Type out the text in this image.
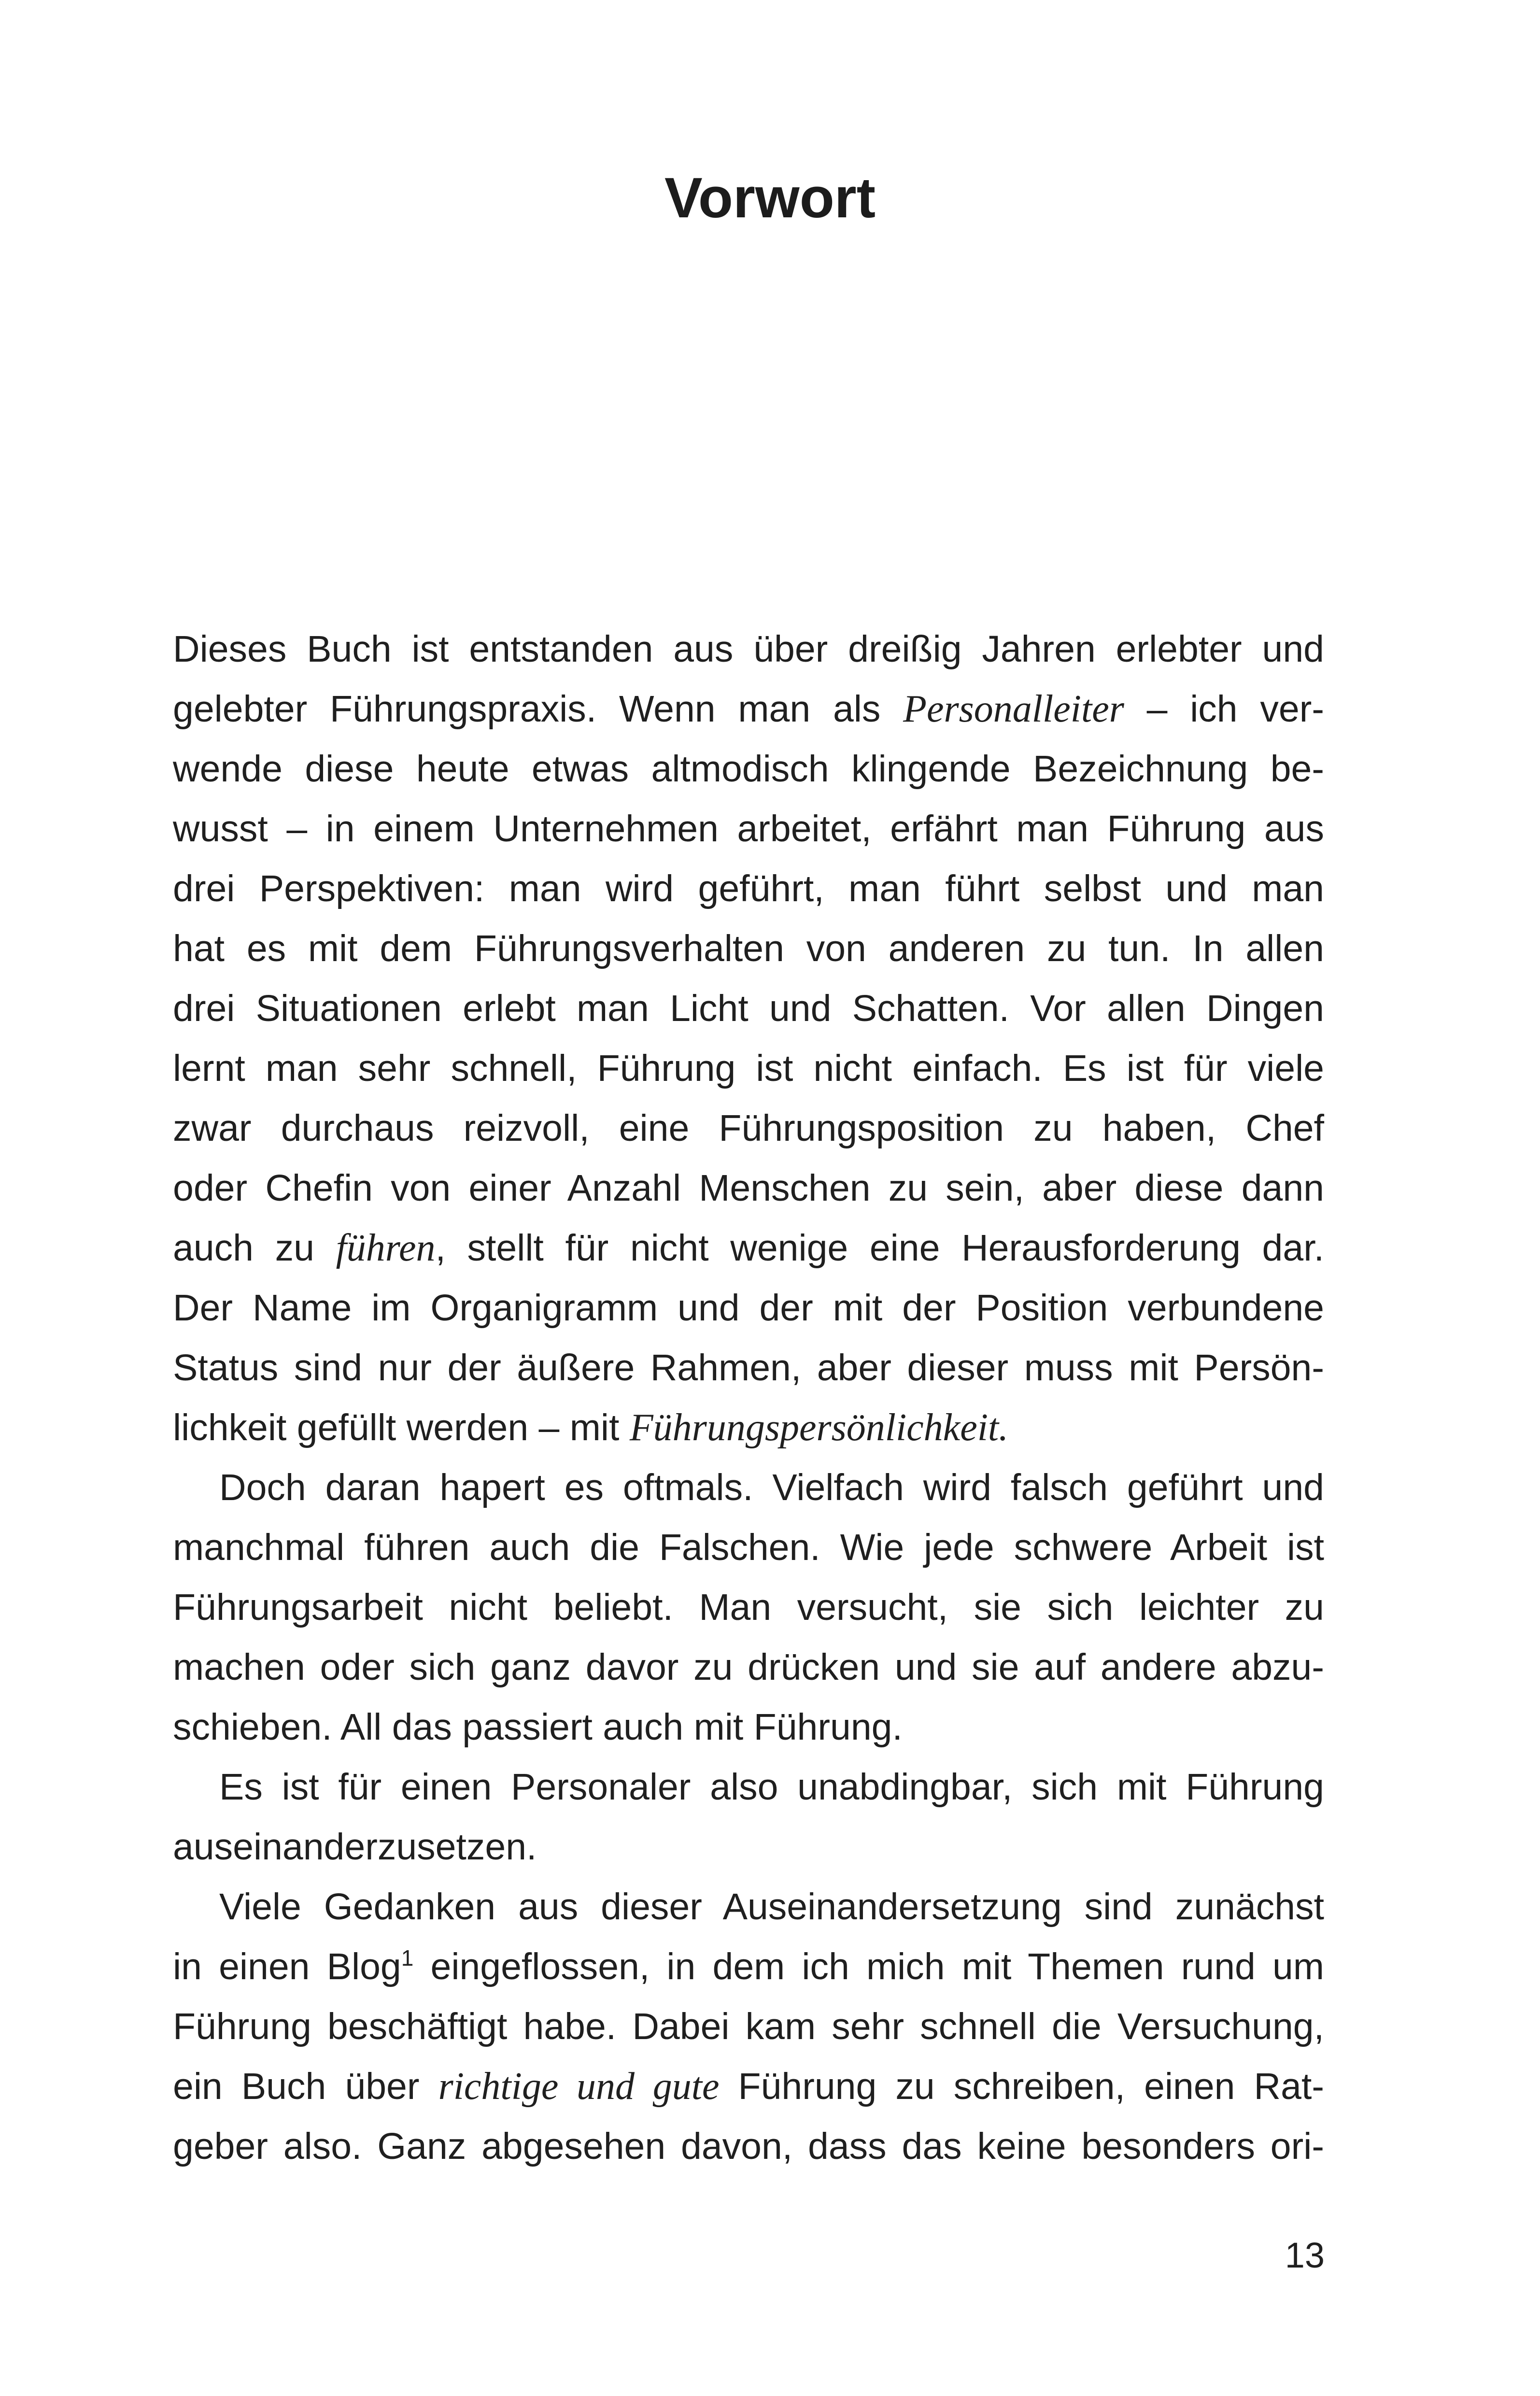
Vorwort
Dieses Buch ist entstanden aus über dreißig Jahren erlebter und
gelebter Führungspraxis. Wenn man als Personalleiter – ich ver-
wende diese heute etwas altmodisch klingende Bezeichnung be-
wusst – in einem Unternehmen arbeitet, erfährt man Führung aus
drei Perspektiven: man wird geführt, man führt selbst und man
hat es mit dem Führungsverhalten von anderen zu tun. In allen
drei Situationen erlebt man Licht und Schatten. Vor allen Dingen
lernt man sehr schnell, Führung ist nicht einfach. Es ist für viele
zwar durchaus reizvoll, eine Führungsposition zu haben, Chef
oder Chefin von einer Anzahl Menschen zu sein, aber diese dann
auch zu führen, stellt für nicht wenige eine Herausforderung dar.
Der Name im Organigramm und der mit der Position verbundene
Status sind nur der äußere Rahmen, aber dieser muss mit Persön-
lichkeit gefüllt werden – mit Führungspersönlichkeit.
Doch daran hapert es oftmals. Vielfach wird falsch geführt und
manchmal führen auch die Falschen. Wie jede schwere Arbeit ist
Führungsarbeit nicht beliebt. Man versucht, sie sich leichter zu
machen oder sich ganz davor zu drücken und sie auf andere abzu-
schieben. All das passiert auch mit Führung.
Es ist für einen Personaler also unabdingbar, sich mit Führung
auseinanderzusetzen.
Viele Gedanken aus dieser Auseinandersetzung sind zunächst
in einen Blog$^1$ eingeflossen, in dem ich mich mit Themen rund um
Führung beschäftigt habe. Dabei kam sehr schnell die Versuchung,
ein Buch über richtige und gute Führung zu schreiben, einen Rat-
geber also. Ganz abgesehen davon, dass das keine besonders ori-
13
